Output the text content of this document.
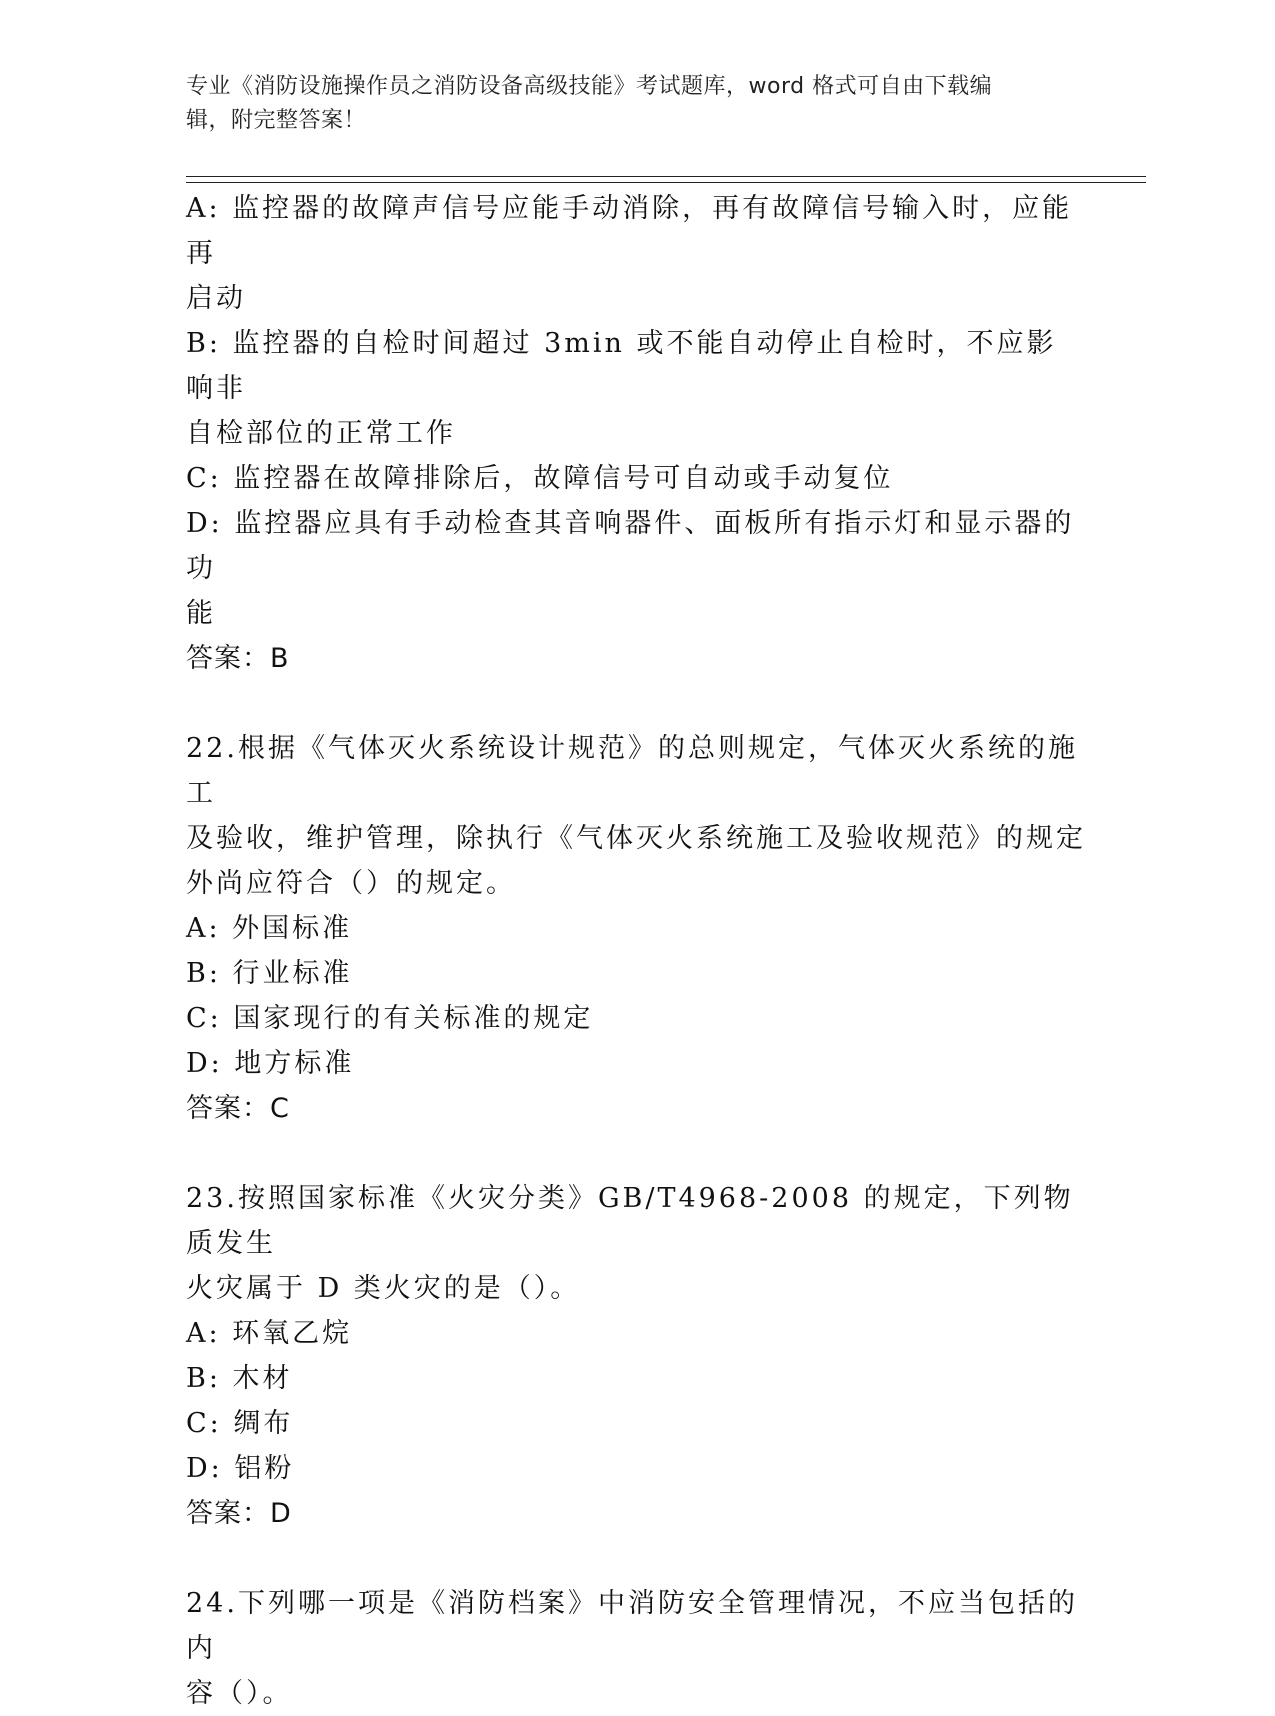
专业《消防设施操作员之消防设备高级技能》考试题库，word 格式可自由下载编
辑，附完整答案！

A: 监控器的故障声信号应能手动消除，再有故障信号输入时，应能再

启动

B: 监控器的自检时间超过 3min 或不能自动停止自检时，不应影响非

自检部位的正常工作

C: 监控器在故障排除后，故障信号可自动或手动复位

D: 监控器应具有手动检查其音响器件、面板所有指示灯和显示器的功

能

答案：B

22.根据《气体灭火系统设计规范》的总则规定，气体灭火系统的施工

及验收，维护管理，除执行《气体灭火系统施工及验收规范》的规定

外尚应符合（）的规定。

A: 外国标准

B: 行业标准

C: 国家现行的有关标准的规定

D: 地方标准

答案：C

23.按照国家标准《火灾分类》GB/T4968-2008 的规定，下列物质发生

火灾属于 D 类火灾的是（）。

A: 环氧乙烷

B: 木材

C: 绸布

D: 铝粉

答案：D

24.下列哪一项是《消防档案》中消防安全管理情况，不应当包括的内

容（）。
